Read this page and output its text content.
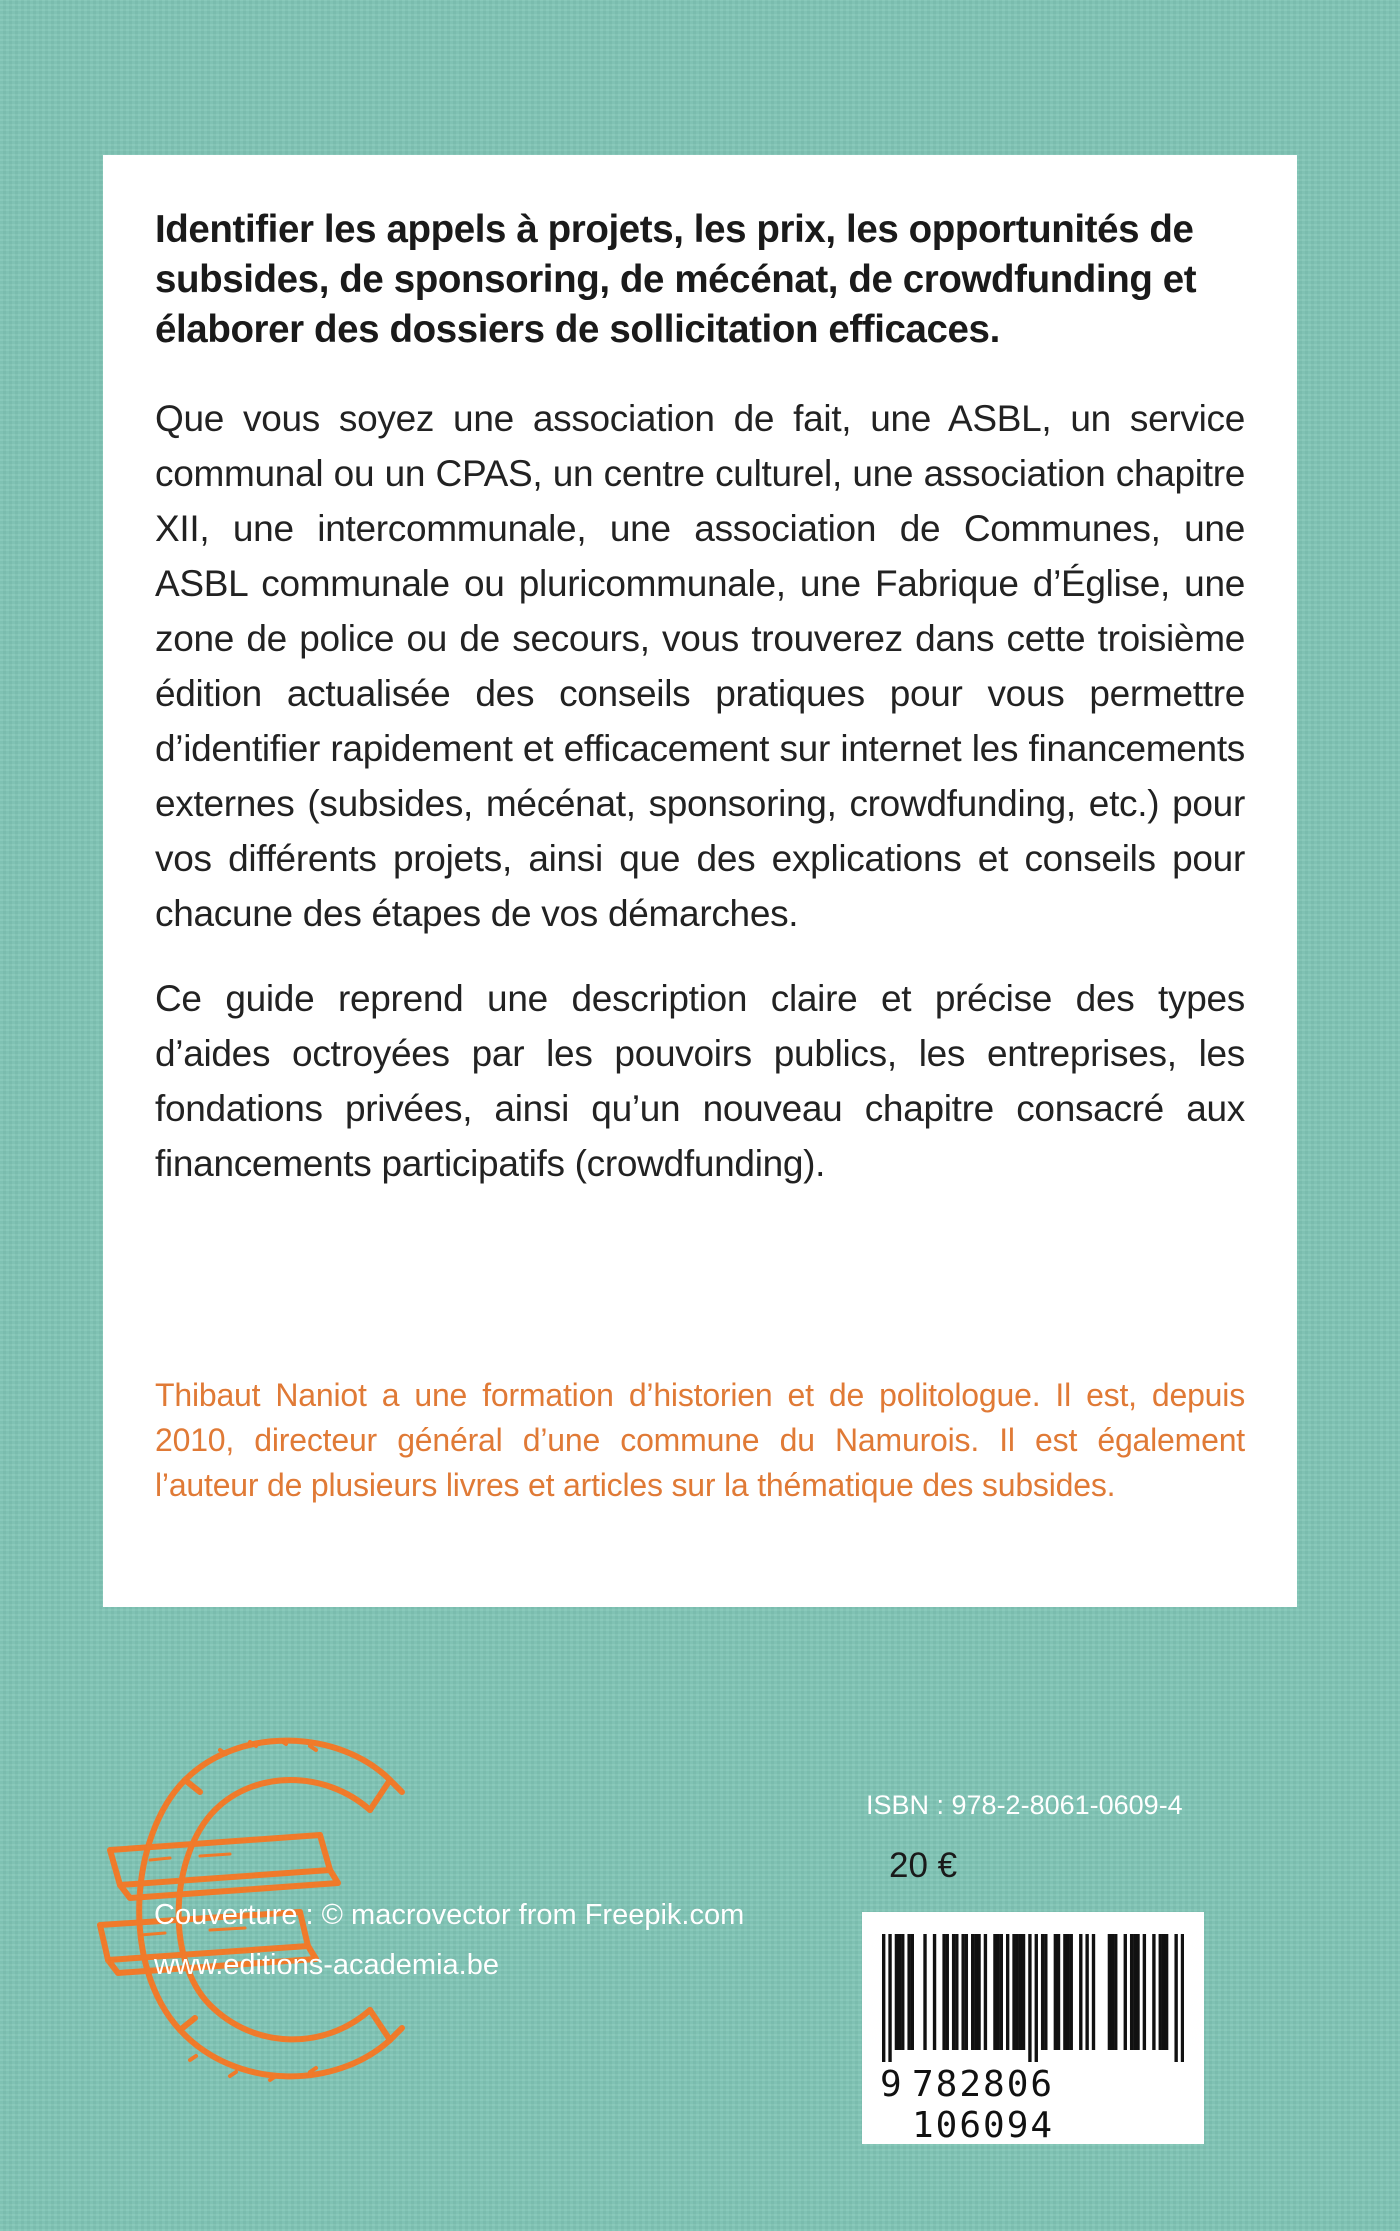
Identifier les appels à projets, les prix, les opportunités de subsides, de sponsoring, de mécénat, de crowdfunding et élaborer des dossiers de sollicitation efficaces.

Que vous soyez une association de fait, une ASBL, un service communal ou un CPAS, un centre culturel, une association chapitre XII, une intercommunale, une association de Communes, une ASBL communale ou pluricommunale, une Fabrique d’Église, une zone de police ou de secours, vous trouverez dans cette troisième édition actualisée des conseils pratiques pour vous permettre d’identifier rapidement et efficacement sur internet les financements externes (subsides, mécénat, sponsoring, crowdfunding, etc.) pour vos différents projets, ainsi que des explications et conseils pour chacune des étapes de vos démarches.

Ce guide reprend une description claire et précise des types d’aides octroyées par les pouvoirs publics, les entreprises, les fondations privées, ainsi qu’un nouveau chapitre consacré aux financements participatifs (crowdfunding).

Thibaut Naniot a une formation d’historien et de politologue. Il est, depuis 2010, directeur général d’une commune du Namurois. Il est également l’auteur de plusieurs livres et articles sur la thématique des subsides.

Couverture : © macrovector from Freepik.com

www.editions-academia.be

ISBN : 978-2-8061-0609-4

20 €

9 782806 106094
